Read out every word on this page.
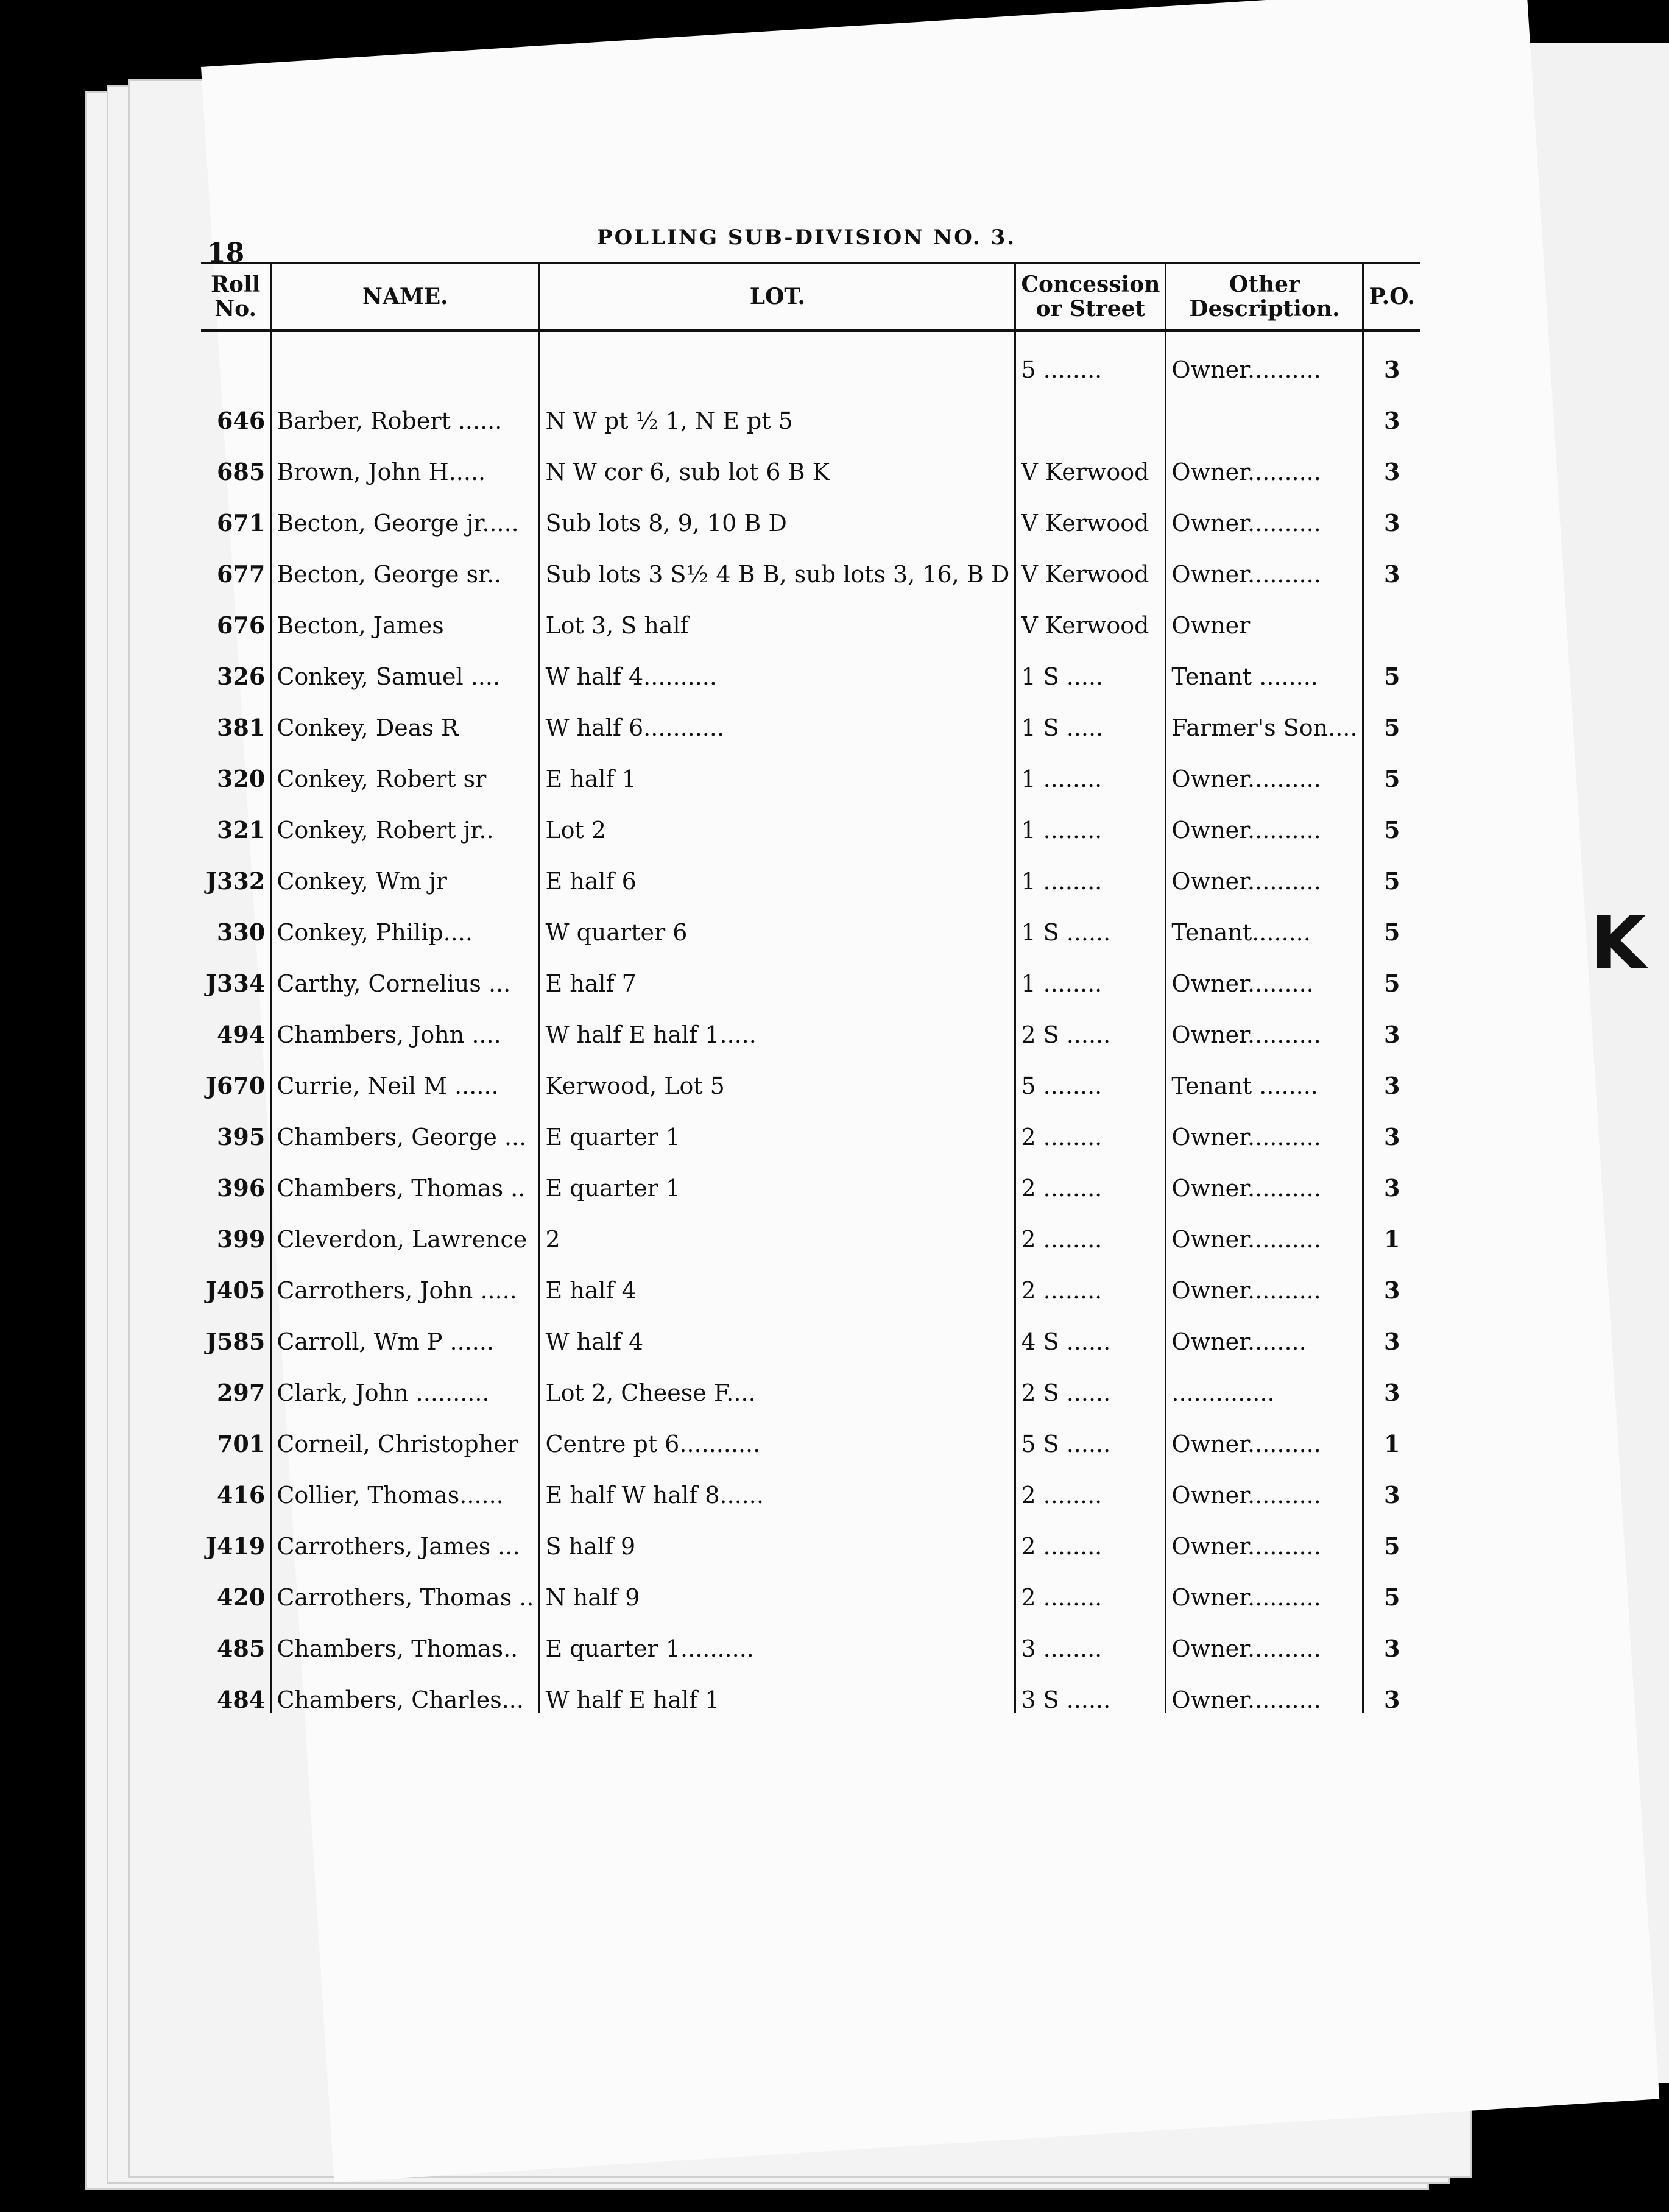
18	POLLING SUB-DIVISION NO. 3.
Roll No.	NAME.	LOT.	Concession or Street	Other Description.	P.O.
			5 ........	Owner..........	3
646	Barber, Robert ......	N W pt ½ 1, N E pt 5			3
685	Brown, John H.....	N W cor 6, sub lot 6 B K	V Kerwood	Owner..........	3
671	Becton, George jr.....	Sub lots 8, 9, 10 B D	V Kerwood	Owner..........	3
677	Becton, George sr..	Sub lots 3 S½ 4 B B, sub lots 3, 16, B D	V Kerwood	Owner..........	3
676	Becton, James	Lot 3, S half	V Kerwood	Owner	
326	Conkey, Samuel ....	W half 4..........	1 S .....	Tenant ........	5
381	Conkey, Deas R	W half 6...........	1 S .....	Farmer's Son....	5
320	Conkey, Robert sr	E half 1	1 ........	Owner..........	5
321	Conkey, Robert jr..	Lot 2	1 ........	Owner..........	5
J332	Conkey, Wm jr	E half 6	1 ........	Owner..........	5
330	Conkey, Philip....	W quarter 6	1 S ......	Tenant........	5
J334	Carthy, Cornelius ...	E half 7	1 ........	Owner.........	5
494	Chambers, John ....	W half E half 1.....	2 S ......	Owner..........	3
J670	Currie, Neil M ......	Kerwood, Lot 5	5 ........	Tenant ........	3
395	Chambers, George ...	E quarter 1	2 ........	Owner..........	3
396	Chambers, Thomas ..	E quarter 1	2 ........	Owner..........	3
399	Cleverdon, Lawrence	2	2 ........	Owner..........	1
J405	Carrothers, John .....	E half 4	2 ........	Owner..........	3
J585	Carroll, Wm P ......	W half 4	4 S ......	Owner........	3
297	Clark, John ..........	Lot 2, Cheese F....	2 S ......	..............	3
701	Corneil, Christopher	Centre pt 6...........	5 S ......	Owner..........	1
416	Collier, Thomas......	E half W half 8......	2 ........	Owner..........	3
J419	Carrothers, James ...	S half 9	2 ........	Owner..........	5
420	Carrothers, Thomas ..	N half 9	2 ........	Owner..........	5
485	Chambers, Thomas..	E quarter 1..........	3 ........	Owner..........	3
484	Chambers, Charles...	W half E half 1	3 S ......	Owner..........	3
K
